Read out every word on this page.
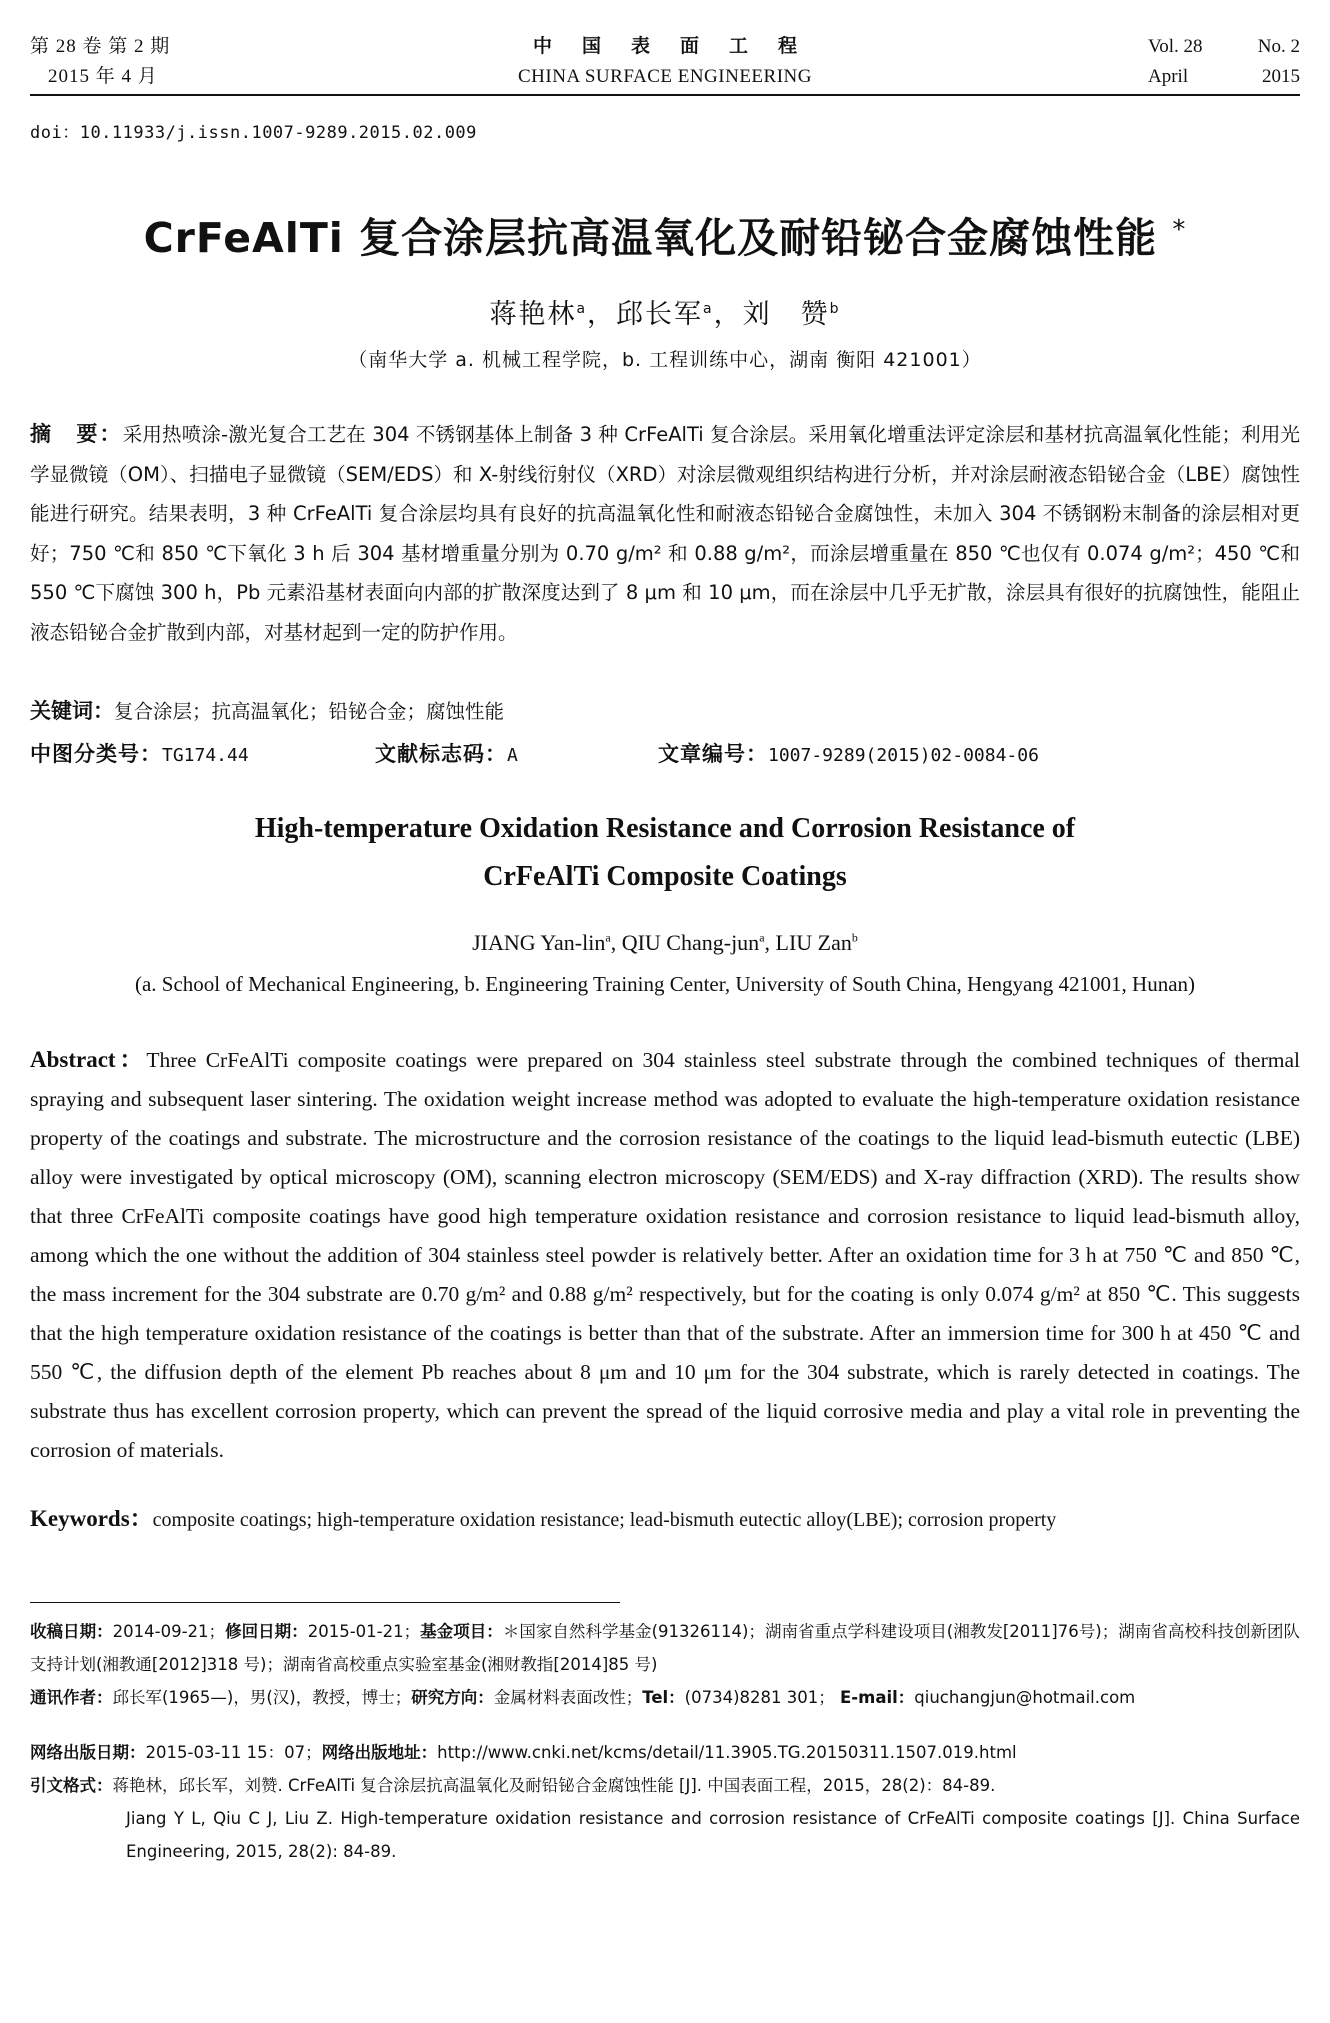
第 28 卷 第 2 期
2015 年 4 月
中国表面工程
CHINA SURFACE ENGINEERING
Vol. 28	No. 2
April	2015
doi：10.11933/j.issn.1007-9289.2015.02.009
CrFeAlTi 复合涂层抗高温氧化及耐铅铋合金腐蚀性能 *
蒋艳林$^a$，邱长军$^a$，刘　赞$^b$
（南华大学 a. 机械工程学院，b. 工程训练中心，湖南 衡阳 421001）
摘　要：采用热喷涂-激光复合工艺在 304 不锈钢基体上制备 3 种 CrFeAlTi 复合涂层。采用氧化增重法评定涂层和基材抗高温氧化性能；利用光学显微镜（OM）、扫描电子显微镜（SEM/EDS）和 X-射线衍射仪（XRD）对涂层微观组织结构进行分析，并对涂层耐液态铅铋合金（LBE）腐蚀性能进行研究。结果表明，3 种 CrFeAlTi 复合涂层均具有良好的抗高温氧化性和耐液态铅铋合金腐蚀性，未加入 304 不锈钢粉末制备的涂层相对更好；750 ℃和 850 ℃下氧化 3 h 后 304 基材增重量分别为 0.70 g/m² 和 0.88 g/m²，而涂层增重量在 850 ℃也仅有 0.074 g/m²；450 ℃和 550 ℃下腐蚀 300 h，Pb 元素沿基材表面向内部的扩散深度达到了 8 μm 和 10 μm，而在涂层中几乎无扩散，涂层具有很好的抗腐蚀性，能阻止液态铅铋合金扩散到内部，对基材起到一定的防护作用。
关键词：复合涂层；抗高温氧化；铅铋合金；腐蚀性能
中图分类号：TG174.44	文献标志码：A	文章编号：1007-9289(2015)02-0084-06
High-temperature Oxidation Resistance and Corrosion Resistance of
CrFeAlTi Composite Coatings
JIANG Yan-lin$^a$, QIU Chang-jun$^a$, LIU Zan$^b$
(a. School of Mechanical Engineering, b. Engineering Training Center, University of South China, Hengyang 421001, Hunan)
Abstract：Three CrFeAlTi composite coatings were prepared on 304 stainless steel substrate through the combined techniques of thermal spraying and subsequent laser sintering. The oxidation weight increase method was adopted to evaluate the high-temperature oxidation resistance property of the coatings and substrate. The microstructure and the corrosion resistance of the coatings to the liquid lead-bismuth eutectic (LBE) alloy were investigated by optical microscopy (OM), scanning electron microscopy (SEM/EDS) and X-ray diffraction (XRD). The results show that three CrFeAlTi composite coatings have good high temperature oxidation resistance and corrosion resistance to liquid lead-bismuth alloy, among which the one without the addition of 304 stainless steel powder is relatively better. After an oxidation time for 3 h at 750 ℃ and 850 ℃, the mass increment for the 304 substrate are 0.70 g/m² and 0.88 g/m² respectively, but for the coating is only 0.074 g/m² at 850 ℃. This suggests that the high temperature oxidation resistance of the coatings is better than that of the substrate. After an immersion time for 300 h at 450 ℃ and 550 ℃, the diffusion depth of the element Pb reaches about 8 μm and 10 μm for the 304 substrate, which is rarely detected in coatings. The substrate thus has excellent corrosion property, which can prevent the spread of the liquid corrosive media and play a vital role in preventing the corrosion of materials.
Keywords：composite coatings; high-temperature oxidation resistance; lead-bismuth eutectic alloy(LBE); corrosion property

收稿日期：2014-09-21；修回日期：2015-01-21；基金项目：＊国家自然科学基金(91326114)；湖南省重点学科建设项目(湘教发[2011]76号)；湖南省高校科技创新团队支持计划(湘教通[2012]318 号)；湖南省高校重点实验室基金(湘财教指[2014]85 号)

通讯作者：邱长军(1965—)，男(汉)，教授，博士；研究方向：金属材料表面改性；Tel：(0734)8281 301； E-mail：qiuchangjun@hotmail.com

网络出版日期：2015-03-11 15：07；网络出版地址：http://www.cnki.net/kcms/detail/11.3905.TG.20150311.1507.019.html

引文格式：蒋艳林，邱长军，刘赞. CrFeAlTi 复合涂层抗高温氧化及耐铅铋合金腐蚀性能 [J]. 中国表面工程，2015，28(2)：84-89.
Jiang Y L, Qiu C J, Liu Z. High-temperature oxidation resistance and corrosion resistance of CrFeAlTi composite coatings [J]. China Surface Engineering, 2015, 28(2): 84-89.
